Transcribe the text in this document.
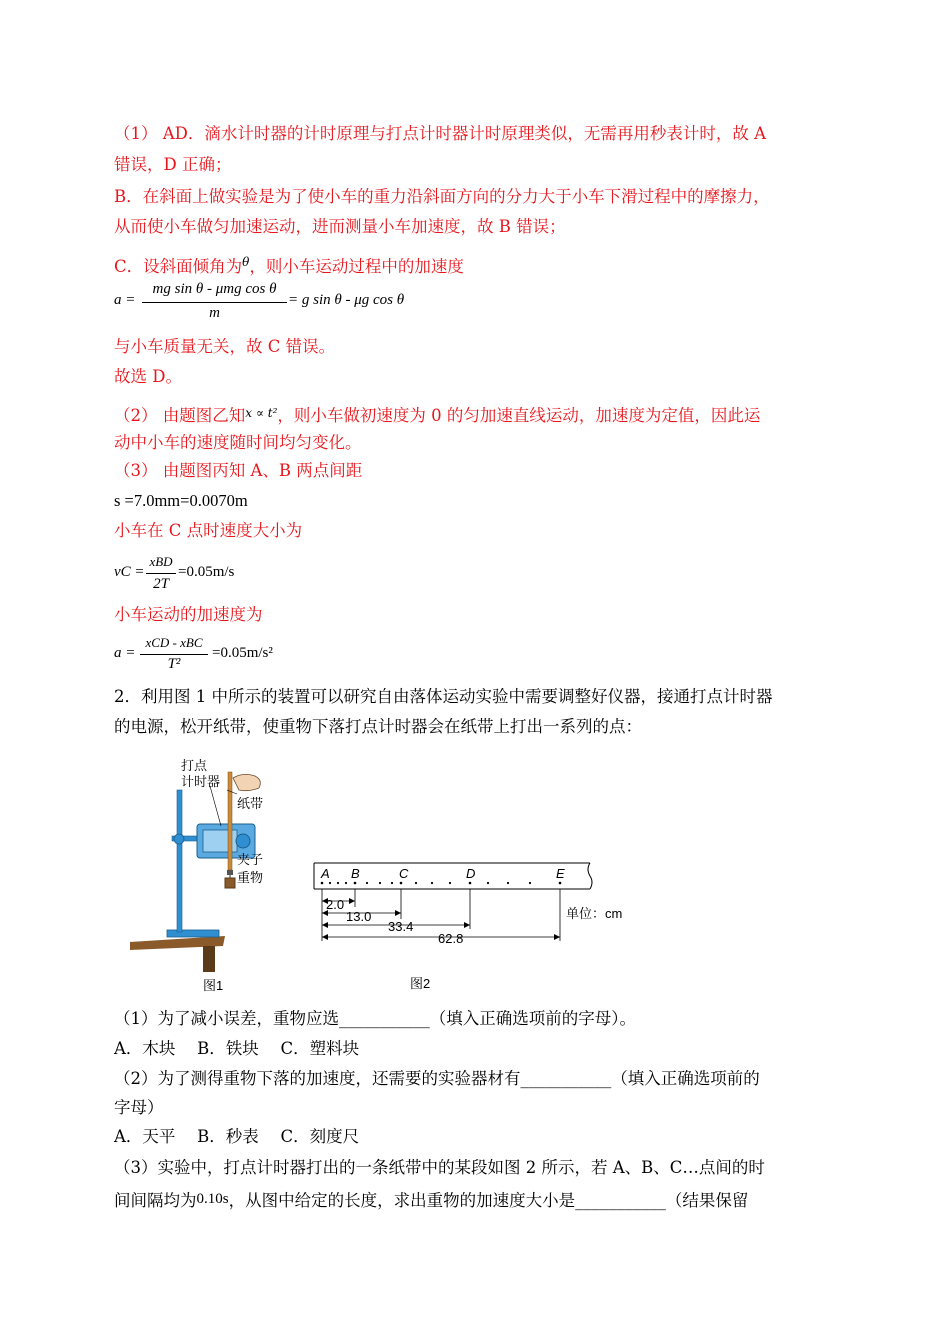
（1） AD．滴水计时器的计时原理与打点计时器计时原理类似，无需再用秒表计时，故 A
错误，D 正确；
B．在斜面上做实验是为了使小车的重力沿斜面方向的分力大于小车下滑过程中的摩擦力，
从而使小车做匀加速运动，进而测量小车加速度，故 B 错误；
C．设斜面倾角为$^\theta$，则小车运动过程中的加速度
a =
mg sin θ - μmg cos θ
m
= g sin θ - μg cos θ
与小车质量无关，故 C 错误。
故选 D。
（2） 由题图乙知$^{x \propto t^2}$，则小车做初速度为 0 的匀加速直线运动，加速度为定值，因此运
动中小车的速度随时间均匀变化。
（3） 由题图丙知 A、B 两点间距
s =7.0mm=0.0070m
小车在 C 点时速度大小为
vC =
xBD
2T
=0.05m/s
小车运动的加速度为
a =
xCD - xBC
T²
=0.05m/s²
2．利用图 1 中所示的装置可以研究自由落体运动实验中需要调整好仪器，接通打点计时器
的电源，松开纸带，使重物下落打点计时器会在纸带上打出一系列的点：
打点
计时器
纸带
夹子
重物
图1
A B	C	D	E
2.0
13.0
33.4
62.8
单位：cm
图2
（1）为了减小误差，重物应选___________（填入正确选项前的字母）。
A．木块　 B．铁块　 C．塑料块
（2）为了测得重物下落的加速度，还需要的实验器材有___________（填入正确选项前的
字母）
A．天平　 B．秒表　 C．刻度尺
（3）实验中，打点计时器打出的一条纸带中的某段如图 2 所示，若 A、B、C…点间的时
间间隔均为0.10s，从图中给定的长度，求出重物的加速度大小是___________（结果保留
